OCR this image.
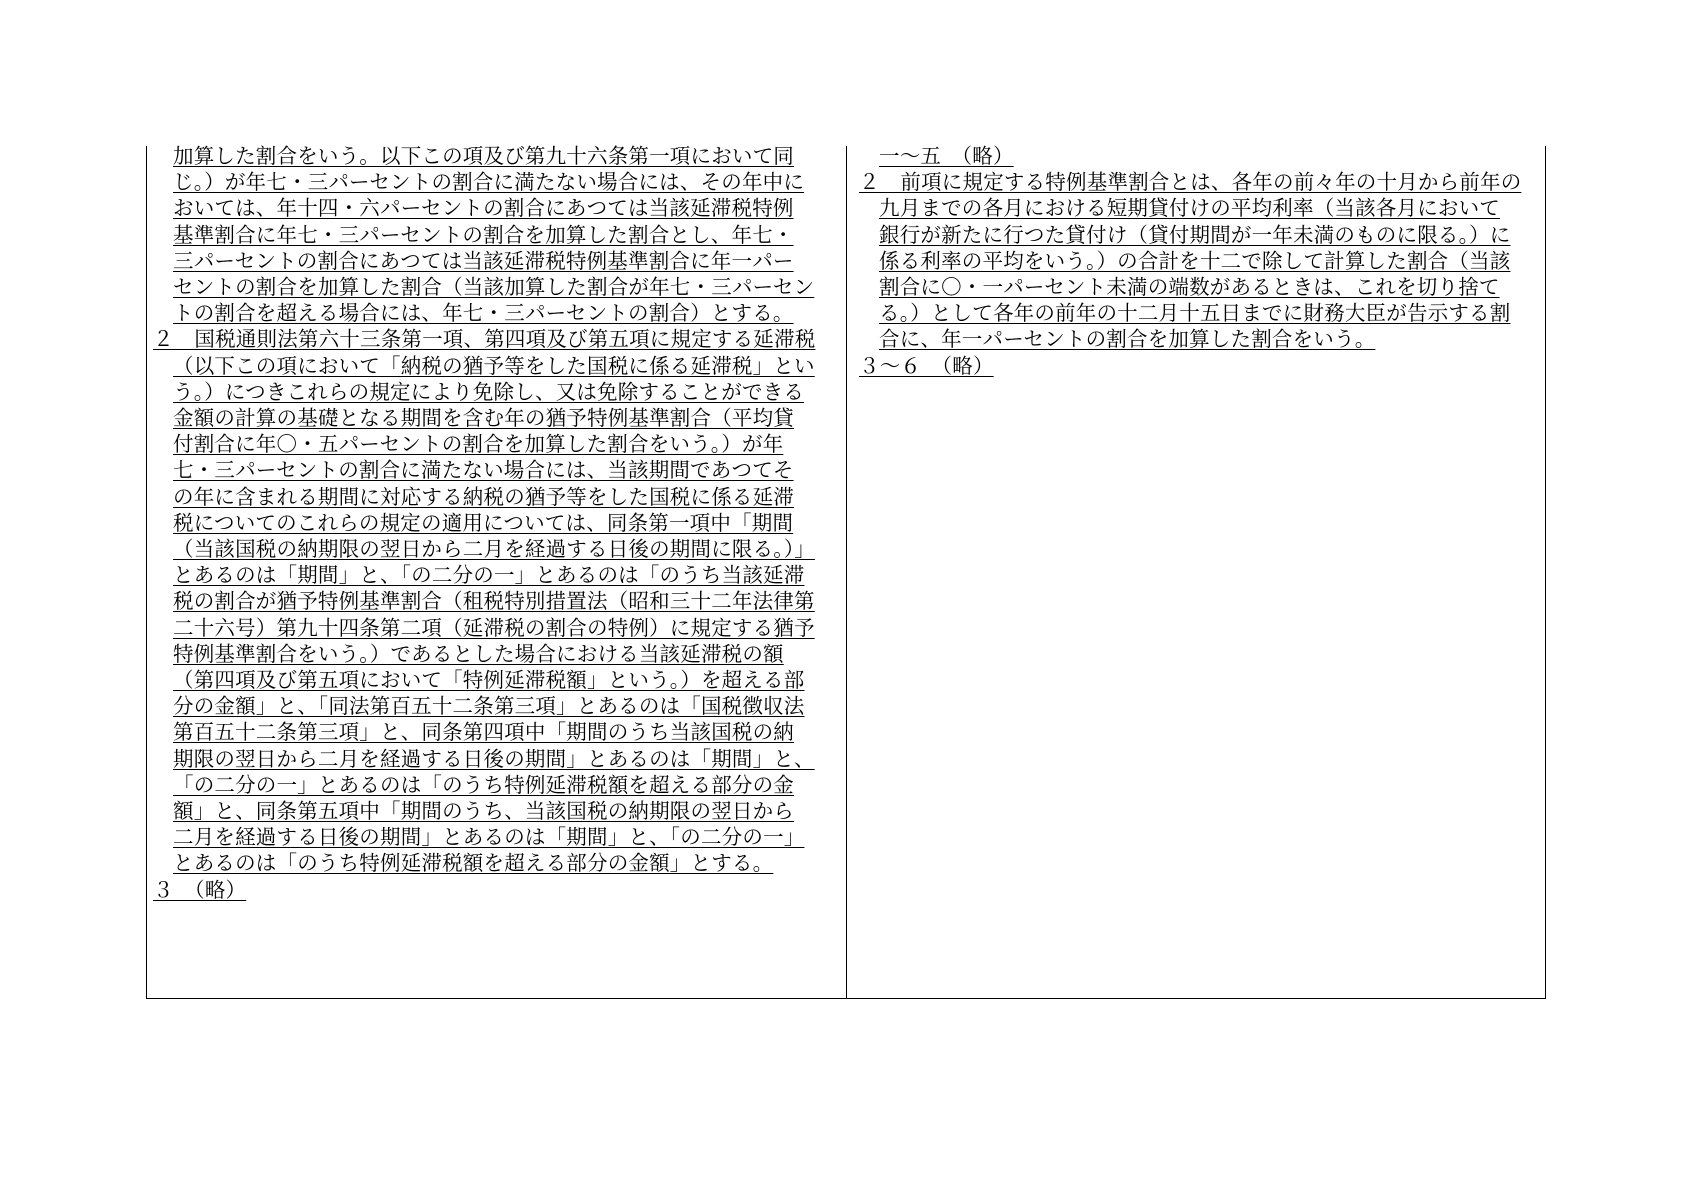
加算した割合をいう。以下この項及び第九十六条第一項において同
じ。）が年七・三パーセントの割合に満たない場合には、その年中に
おいては、年十四・六パーセントの割合にあつては当該延滞税特例
基準割合に年七・三パーセントの割合を加算した割合とし、年七・
三パーセントの割合にあつては当該延滞税特例基準割合に年一パー
セントの割合を加算した割合（当該加算した割合が年七・三パーセン
トの割合を超える場合には、年七・三パーセントの割合）とする。
２　国税通則法第六十三条第一項、第四項及び第五項に規定する延滞税
（以下この項において「納税の猶予等をした国税に係る延滞税」とい
う。）につきこれらの規定により免除し、又は免除することができる
金額の計算の基礎となる期間を含む年の猶予特例基準割合（平均貸
付割合に年〇・五パーセントの割合を加算した割合をいう。）が年
七・三パーセントの割合に満たない場合には、当該期間であつてそ
の年に含まれる期間に対応する納税の猶予等をした国税に係る延滞
税についてのこれらの規定の適用については、同条第一項中「期間
（当該国税の納期限の翌日から二月を経過する日後の期間に限る。）」
とあるのは「期間」と、「の二分の一」とあるのは「のうち当該延滞
税の割合が猶予特例基準割合（租税特別措置法（昭和三十二年法律第
二十六号）第九十四条第二項（延滞税の割合の特例）に規定する猶予
特例基準割合をいう。）であるとした場合における当該延滞税の額
（第四項及び第五項において「特例延滞税額」という。）を超える部
分の金額」と、「同法第百五十二条第三項」とあるのは「国税徴収法
第百五十二条第三項」と、同条第四項中「期間のうち当該国税の納
期限の翌日から二月を経過する日後の期間」とあるのは「期間」と、
「の二分の一」とあるのは「のうち特例延滞税額を超える部分の金
額」と、同条第五項中「期間のうち、当該国税の納期限の翌日から
二月を経過する日後の期間」とあるのは「期間」と、「の二分の一」
とあるのは「のうち特例延滞税額を超える部分の金額」とする。
３　（略）
一～五　（略）
２　前項に規定する特例基準割合とは、各年の前々年の十月から前年の
九月までの各月における短期貸付けの平均利率（当該各月において
銀行が新たに行つた貸付け（貸付期間が一年未満のものに限る。）に
係る利率の平均をいう。）の合計を十二で除して計算した割合（当該
割合に〇・一パーセント未満の端数があるときは、これを切り捨て
る。）として各年の前年の十二月十五日までに財務大臣が告示する割
合に、年一パーセントの割合を加算した割合をいう。
３～６　（略）
